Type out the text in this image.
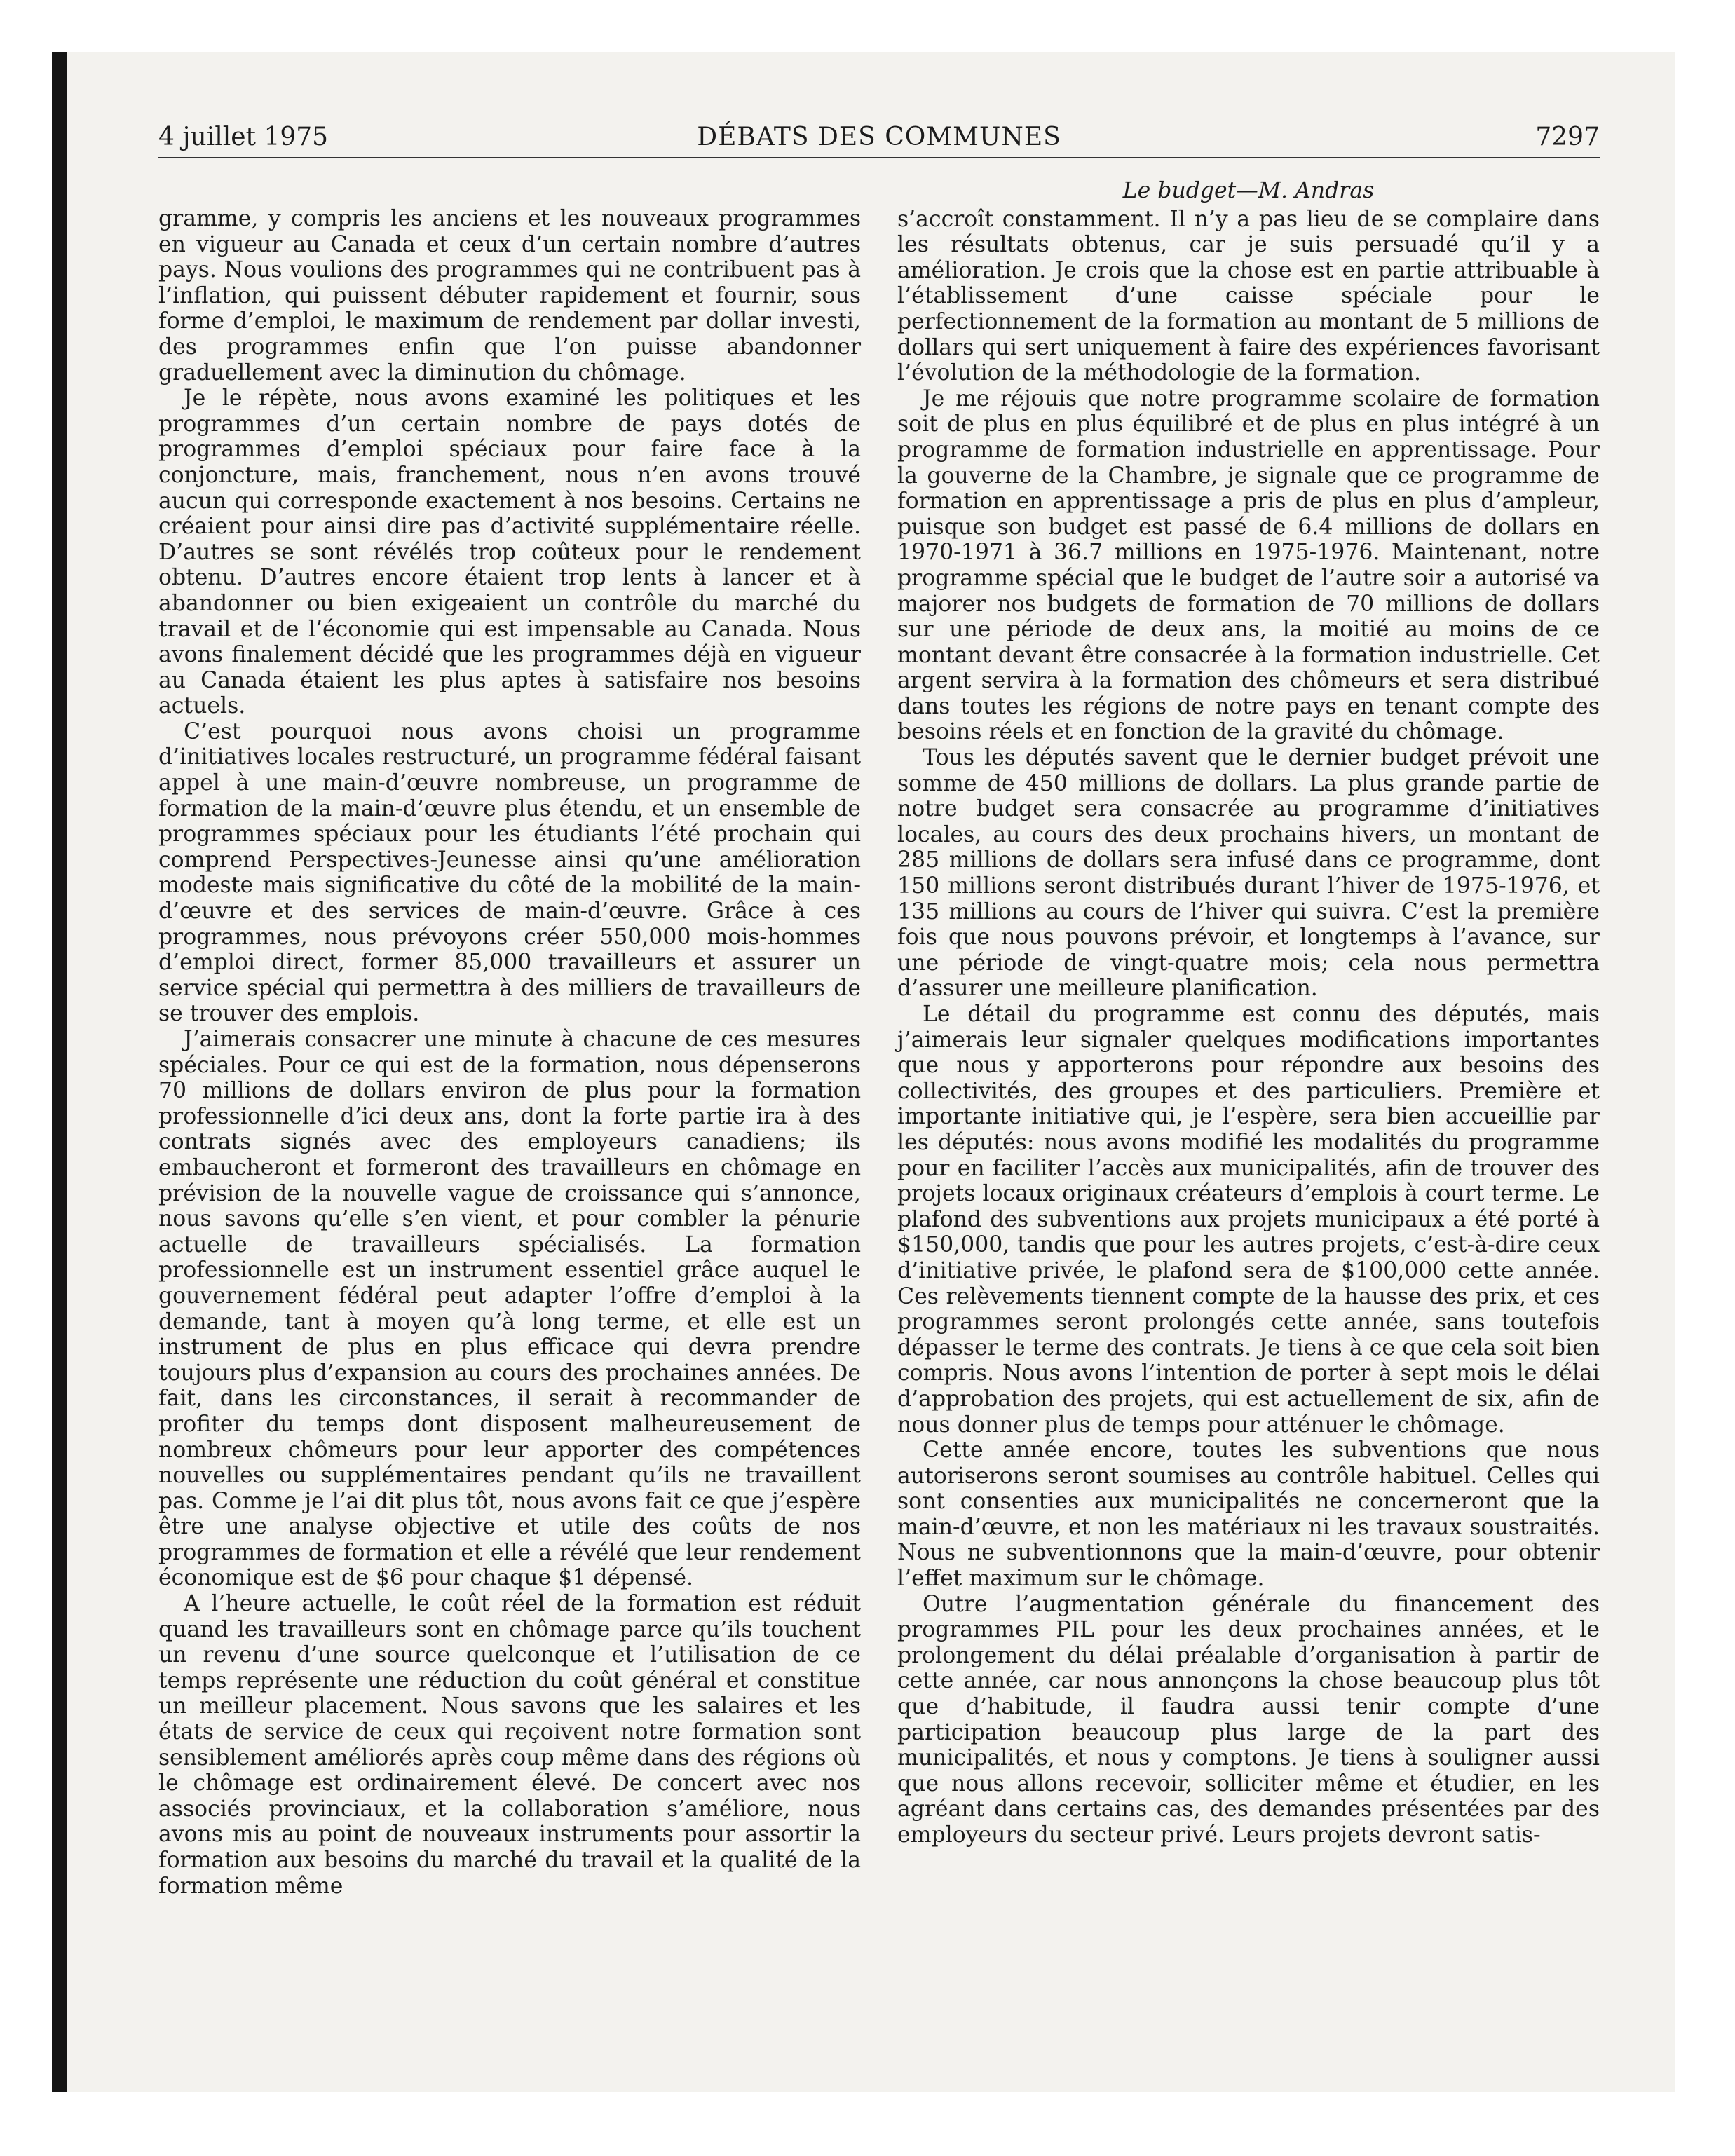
4 juillet 1975	DÉBATS DES COMMUNES	7297

gramme, y compris les anciens et les nouveaux programmes en vigueur au Canada et ceux d’un certain nombre d’autres pays. Nous voulions des programmes qui ne contribuent pas à l’inflation, qui puissent débuter rapidement et fournir, sous forme d’emploi, le maximum de rendement par dollar investi, des programmes enfin que l’on puisse abandonner graduellement avec la diminution du chômage.

Je le répète, nous avons examiné les politiques et les programmes d’un certain nombre de pays dotés de programmes d’emploi spéciaux pour faire face à la conjoncture, mais, franchement, nous n’en avons trouvé aucun qui corresponde exactement à nos besoins. Certains ne créaient pour ainsi dire pas d’activité supplémentaire réelle. D’autres se sont révélés trop coûteux pour le rendement obtenu. D’autres encore étaient trop lents à lancer et à abandonner ou bien exigeaient un contrôle du marché du travail et de l’économie qui est impensable au Canada. Nous avons finalement décidé que les programmes déjà en vigueur au Canada étaient les plus aptes à satisfaire nos besoins actuels.

C’est pourquoi nous avons choisi un programme d’initiatives locales restructuré, un programme fédéral faisant appel à une main-d’œuvre nombreuse, un programme de formation de la main-d’œuvre plus étendu, et un ensemble de programmes spéciaux pour les étudiants l’été prochain qui comprend Perspectives-Jeunesse ainsi qu’une amélioration modeste mais significative du côté de la mobilité de la main-d’œuvre et des services de main-d’œuvre. Grâce à ces programmes, nous prévoyons créer 550,000 mois-hommes d’emploi direct, former 85,000 travailleurs et assurer un service spécial qui permettra à des milliers de travailleurs de se trouver des emplois.

J’aimerais consacrer une minute à chacune de ces mesures spéciales. Pour ce qui est de la formation, nous dépenserons 70 millions de dollars environ de plus pour la formation professionnelle d’ici deux ans, dont la forte partie ira à des contrats signés avec des employeurs canadiens; ils embaucheront et formeront des travailleurs en chômage en prévision de la nouvelle vague de croissance qui s’annonce, nous savons qu’elle s’en vient, et pour combler la pénurie actuelle de travailleurs spécialisés. La formation professionnelle est un instrument essentiel grâce auquel le gouvernement fédéral peut adapter l’offre d’emploi à la demande, tant à moyen qu’à long terme, et elle est un instrument de plus en plus efficace qui devra prendre toujours plus d’expansion au cours des prochaines années. De fait, dans les circonstances, il serait à recommander de profiter du temps dont disposent malheureusement de nombreux chômeurs pour leur apporter des compétences nouvelles ou supplémentaires pendant qu’ils ne travaillent pas. Comme je l’ai dit plus tôt, nous avons fait ce que j’espère être une analyse objective et utile des coûts de nos programmes de formation et elle a révélé que leur rendement économique est de $6 pour chaque $1 dépensé.

A l’heure actuelle, le coût réel de la formation est réduit quand les travailleurs sont en chômage parce qu’ils touchent un revenu d’une source quelconque et l’utilisation de ce temps représente une réduction du coût général et constitue un meilleur placement. Nous savons que les salaires et les états de service de ceux qui reçoivent notre formation sont sensiblement améliorés après coup même dans des régions où le chômage est ordinairement élevé. De concert avec nos associés provinciaux, et la collaboration s’améliore, nous avons mis au point de nouveaux instruments pour assortir la formation aux besoins du marché du travail et la qualité de la formation même

Le budget—M. Andras

s’accroît constamment. Il n’y a pas lieu de se complaire dans les résultats obtenus, car je suis persuadé qu’il y a amélioration. Je crois que la chose est en partie attribuable à l’établissement d’une caisse spéciale pour le perfectionnement de la formation au montant de 5 millions de dollars qui sert uniquement à faire des expériences favorisant l’évolution de la méthodologie de la formation.

Je me réjouis que notre programme scolaire de formation soit de plus en plus équilibré et de plus en plus intégré à un programme de formation industrielle en apprentissage. Pour la gouverne de la Chambre, je signale que ce programme de formation en apprentissage a pris de plus en plus d’ampleur, puisque son budget est passé de 6.4 millions de dollars en 1970-1971 à 36.7 millions en 1975-1976. Maintenant, notre programme spécial que le budget de l’autre soir a autorisé va majorer nos budgets de formation de 70 millions de dollars sur une période de deux ans, la moitié au moins de ce montant devant être consacrée à la formation industrielle. Cet argent servira à la formation des chômeurs et sera distribué dans toutes les régions de notre pays en tenant compte des besoins réels et en fonction de la gravité du chômage.

Tous les députés savent que le dernier budget prévoit une somme de 450 millions de dollars. La plus grande partie de notre budget sera consacrée au programme d’initiatives locales, au cours des deux prochains hivers, un montant de 285 millions de dollars sera infusé dans ce programme, dont 150 millions seront distribués durant l’hiver de 1975-1976, et 135 millions au cours de l’hiver qui suivra. C’est la première fois que nous pouvons prévoir, et longtemps à l’avance, sur une période de vingt-quatre mois; cela nous permettra d’assurer une meilleure planification.

Le détail du programme est connu des députés, mais j’aimerais leur signaler quelques modifications importantes que nous y apporterons pour répondre aux besoins des collectivités, des groupes et des particuliers. Première et importante initiative qui, je l’espère, sera bien accueillie par les députés: nous avons modifié les modalités du programme pour en faciliter l’accès aux municipalités, afin de trouver des projets locaux originaux créateurs d’emplois à court terme. Le plafond des subventions aux projets municipaux a été porté à $150,000, tandis que pour les autres projets, c’est-à-dire ceux d’initiative privée, le plafond sera de $100,000 cette année. Ces relèvements tiennent compte de la hausse des prix, et ces programmes seront prolongés cette année, sans toutefois dépasser le terme des contrats. Je tiens à ce que cela soit bien compris. Nous avons l’intention de porter à sept mois le délai d’approbation des projets, qui est actuellement de six, afin de nous donner plus de temps pour atténuer le chômage.

Cette année encore, toutes les subventions que nous autoriserons seront soumises au contrôle habituel. Celles qui sont consenties aux municipalités ne concerneront que la main-d’œuvre, et non les matériaux ni les travaux soustraités. Nous ne subventionnons que la main-d’œuvre, pour obtenir l’effet maximum sur le chômage.

Outre l’augmentation générale du financement des programmes PIL pour les deux prochaines années, et le prolongement du délai préalable d’organisation à partir de cette année, car nous annonçons la chose beaucoup plus tôt que d’habitude, il faudra aussi tenir compte d’une participation beaucoup plus large de la part des municipalités, et nous y comptons. Je tiens à souligner aussi que nous allons recevoir, solliciter même et étudier, en les agréant dans certains cas, des demandes présentées par des employeurs du secteur privé. Leurs projets devront satis-
